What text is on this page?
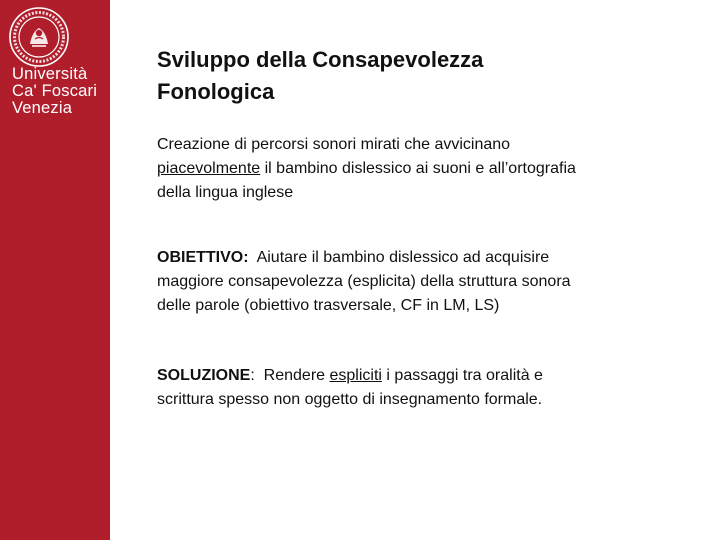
Università
Ca' Foscari
Venezia
Sviluppo della Consapevolezza
Fonologica
Creazione di percorsi sonori mirati che avvicinano
piacevolmente il bambino dislessico ai suoni e all’ortografia
della lingua inglese
OBIETTIVO:  Aiutare il bambino dislessico ad acquisire
maggiore consapevolezza (esplicita) della struttura sonora
delle parole (obiettivo trasversale, CF in LM, LS)
SOLUZIONE:  Rendere espliciti i passaggi tra oralità e
scrittura spesso non oggetto di insegnamento formale.
